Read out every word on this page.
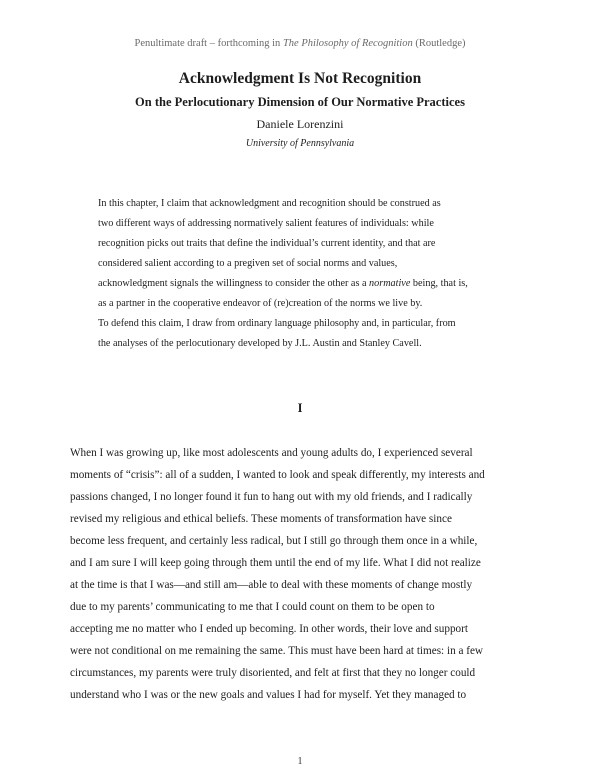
Penultimate draft – forthcoming in The Philosophy of Recognition (Routledge)
Acknowledgment Is Not Recognition
On the Perlocutionary Dimension of Our Normative Practices
Daniele Lorenzini
University of Pennsylvania
In this chapter, I claim that acknowledgment and recognition should be construed as
two different ways of addressing normatively salient features of individuals: while
recognition picks out traits that define the individual’s current identity, and that are
considered salient according to a pregiven set of social norms and values,
acknowledgment signals the willingness to consider the other as a normative being, that is,
as a partner in the cooperative endeavor of (re)creation of the norms we live by.
To defend this claim, I draw from ordinary language philosophy and, in particular, from
the analyses of the perlocutionary developed by J.L. Austin and Stanley Cavell.
I
When I was growing up, like most adolescents and young adults do, I experienced several
moments of “crisis”: all of a sudden, I wanted to look and speak differently, my interests and
passions changed, I no longer found it fun to hang out with my old friends, and I radically
revised my religious and ethical beliefs. These moments of transformation have since
become less frequent, and certainly less radical, but I still go through them once in a while,
and I am sure I will keep going through them until the end of my life. What I did not realize
at the time is that I was—and still am—able to deal with these moments of change mostly
due to my parents’ communicating to me that I could count on them to be open to
accepting me no matter who I ended up becoming. In other words, their love and support
were not conditional on me remaining the same. This must have been hard at times: in a few
circumstances, my parents were truly disoriented, and felt at first that they no longer could
understand who I was or the new goals and values I had for myself. Yet they managed to
1
